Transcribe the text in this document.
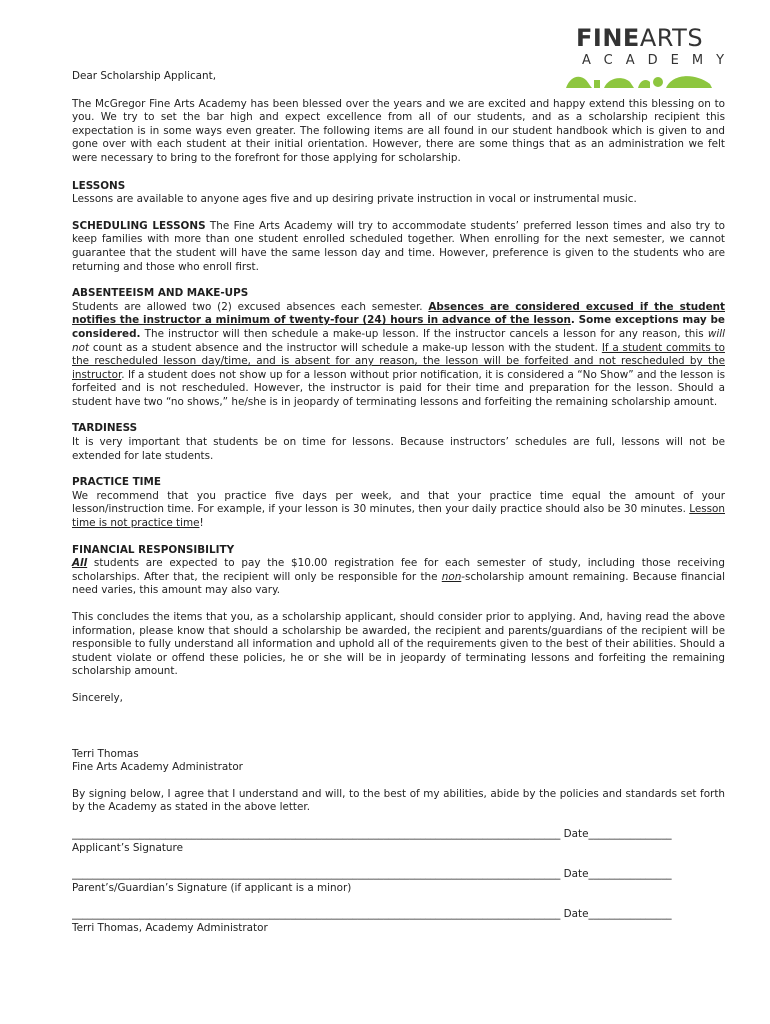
FINEARTS
ACADEMY

Dear Scholarship Applicant,

The McGregor Fine Arts Academy has been blessed over the years and we are excited and happy extend this blessing on to you. We try to set the bar high and expect excellence from all of our students, and as a scholarship recipient this expectation is in some ways even greater. The following items are all found in our student handbook which is given to and gone over with each student at their initial orientation. However, there are some things that as an administration we felt were necessary to bring to the forefront for those applying for scholarship.

LESSONS

Lessons are available to anyone ages five and up desiring private instruction in vocal or instrumental music.

SCHEDULING LESSONS The Fine Arts Academy will try to accommodate students’ preferred lesson times and also try to keep families with more than one student enrolled scheduled together. When enrolling for the next semester, we cannot guarantee that the student will have the same lesson day and time. However, preference is given to the students who are returning and those who enroll first.

ABSENTEEISM AND MAKE-UPS

Students are allowed two (2) excused absences each semester. Absences are considered excused if the student notifies the instructor a minimum of twenty-four (24) hours in advance of the lesson. Some exceptions may be considered. The instructor will then schedule a make-up lesson. If the instructor cancels a lesson for any reason, this will not count as a student absence and the instructor will schedule a make-up lesson with the student. If a student commits to the rescheduled lesson day/time, and is absent for any reason, the lesson will be forfeited and not rescheduled by the instructor. If a student does not show up for a lesson without prior notification, it is considered a “No Show” and the lesson is forfeited and is not rescheduled. However, the instructor is paid for their time and preparation for the lesson. Should a student have two “no shows,” he/she is in jeopardy of terminating lessons and forfeiting the remaining scholarship amount.

TARDINESS

It is very important that students be on time for lessons. Because instructors’ schedules are full, lessons will not be extended for late students.

PRACTICE TIME

We recommend that you practice five days per week, and that your practice time equal the amount of your lesson/instruction time. For example, if your lesson is 30 minutes, then your daily practice should also be 30 minutes. Lesson time is not practice time!

FINANCIAL RESPONSIBILITY

All students are expected to pay the $10.00 registration fee for each semester of study, including those receiving scholarships. After that, the recipient will only be responsible for the non-scholarship amount remaining. Because financial need varies, this amount may also vary.

This concludes the items that you, as a scholarship applicant, should consider prior to applying. And, having read the above information, please know that should a scholarship be awarded, the recipient and parents/guardians of the recipient will be responsible to fully understand all information and uphold all of the requirements given to the best of their abilities. Should a student violate or offend these policies, he or she will be in jeopardy of terminating lessons and forfeiting the remaining scholarship amount.

Sincerely,

Terri Thomas

Fine Arts Academy Administrator

By signing below, I agree that I understand and will, to the best of my abilities, abide by the policies and standards set forth by the Academy as stated in the above letter.

______________________________________________________________________________________________ Date________________

Applicant’s Signature

______________________________________________________________________________________________ Date________________

Parent’s/Guardian’s Signature (if applicant is a minor)

______________________________________________________________________________________________ Date________________

Terri Thomas, Academy Administrator
